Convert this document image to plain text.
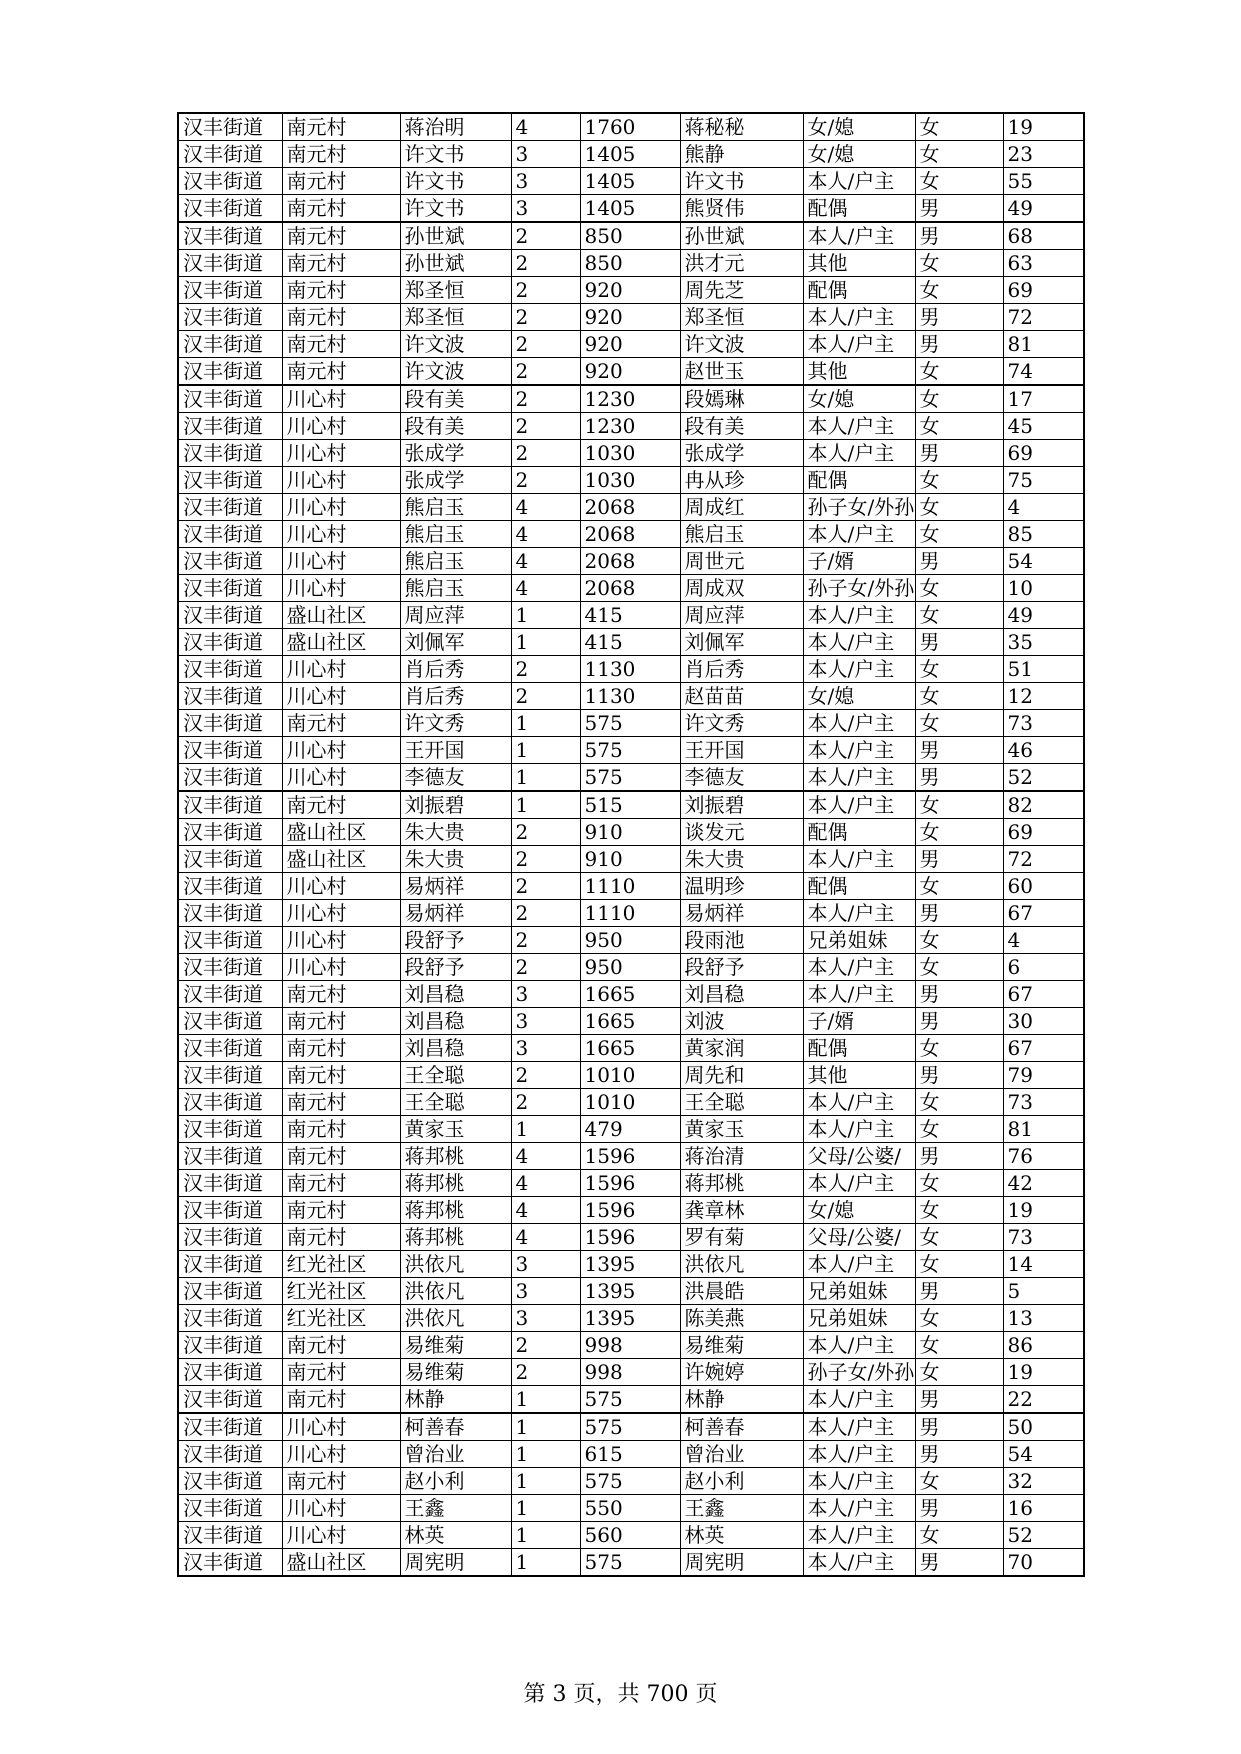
汉丰街道	南元村	蒋治明	4	1760	蒋秘秘	女/媳	女	19
汉丰街道	南元村	许文书	3	1405	熊静	女/媳	女	23
汉丰街道	南元村	许文书	3	1405	许文书	本人/户主	女	55
汉丰街道	南元村	许文书	3	1405	熊贤伟	配偶	男	49
汉丰街道	南元村	孙世斌	2	850	孙世斌	本人/户主	男	68
汉丰街道	南元村	孙世斌	2	850	洪才元	其他	女	63
汉丰街道	南元村	郑圣恒	2	920	周先芝	配偶	女	69
汉丰街道	南元村	郑圣恒	2	920	郑圣恒	本人/户主	男	72
汉丰街道	南元村	许文波	2	920	许文波	本人/户主	男	81
汉丰街道	南元村	许文波	2	920	赵世玉	其他	女	74
汉丰街道	川心村	段有美	2	1230	段嫣琳	女/媳	女	17
汉丰街道	川心村	段有美	2	1230	段有美	本人/户主	女	45
汉丰街道	川心村	张成学	2	1030	张成学	本人/户主	男	69
汉丰街道	川心村	张成学	2	1030	冉从珍	配偶	女	75
汉丰街道	川心村	熊启玉	4	2068	周成红	孙子女/外孙	女	4
汉丰街道	川心村	熊启玉	4	2068	熊启玉	本人/户主	女	85
汉丰街道	川心村	熊启玉	4	2068	周世元	子/婿	男	54
汉丰街道	川心村	熊启玉	4	2068	周成双	孙子女/外孙	女	10
汉丰街道	盛山社区	周应萍	1	415	周应萍	本人/户主	女	49
汉丰街道	盛山社区	刘佩军	1	415	刘佩军	本人/户主	男	35
汉丰街道	川心村	肖后秀	2	1130	肖后秀	本人/户主	女	51
汉丰街道	川心村	肖后秀	2	1130	赵苗苗	女/媳	女	12
汉丰街道	南元村	许文秀	1	575	许文秀	本人/户主	女	73
汉丰街道	川心村	王开国	1	575	王开国	本人/户主	男	46
汉丰街道	川心村	李德友	1	575	李德友	本人/户主	男	52
汉丰街道	南元村	刘振碧	1	515	刘振碧	本人/户主	女	82
汉丰街道	盛山社区	朱大贵	2	910	谈发元	配偶	女	69
汉丰街道	盛山社区	朱大贵	2	910	朱大贵	本人/户主	男	72
汉丰街道	川心村	易炳祥	2	1110	温明珍	配偶	女	60
汉丰街道	川心村	易炳祥	2	1110	易炳祥	本人/户主	男	67
汉丰街道	川心村	段舒予	2	950	段雨池	兄弟姐妹	女	4
汉丰街道	川心村	段舒予	2	950	段舒予	本人/户主	女	6
汉丰街道	南元村	刘昌稳	3	1665	刘昌稳	本人/户主	男	67
汉丰街道	南元村	刘昌稳	3	1665	刘波	子/婿	男	30
汉丰街道	南元村	刘昌稳	3	1665	黄家润	配偶	女	67
汉丰街道	南元村	王全聪	2	1010	周先和	其他	男	79
汉丰街道	南元村	王全聪	2	1010	王全聪	本人/户主	女	73
汉丰街道	南元村	黄家玉	1	479	黄家玉	本人/户主	女	81
汉丰街道	南元村	蒋邦桃	4	1596	蒋治清	父母/公婆/	男	76
汉丰街道	南元村	蒋邦桃	4	1596	蒋邦桃	本人/户主	女	42
汉丰街道	南元村	蒋邦桃	4	1596	龚章林	女/媳	女	19
汉丰街道	南元村	蒋邦桃	4	1596	罗有菊	父母/公婆/	女	73
汉丰街道	红光社区	洪依凡	3	1395	洪依凡	本人/户主	女	14
汉丰街道	红光社区	洪依凡	3	1395	洪晨皓	兄弟姐妹	男	5
汉丰街道	红光社区	洪依凡	3	1395	陈美燕	兄弟姐妹	女	13
汉丰街道	南元村	易维菊	2	998	易维菊	本人/户主	女	86
汉丰街道	南元村	易维菊	2	998	许婉婷	孙子女/外孙	女	19
汉丰街道	南元村	林静	1	575	林静	本人/户主	男	22
汉丰街道	川心村	柯善春	1	575	柯善春	本人/户主	男	50
汉丰街道	川心村	曾治业	1	615	曾治业	本人/户主	男	54
汉丰街道	南元村	赵小利	1	575	赵小利	本人/户主	女	32
汉丰街道	川心村	王鑫	1	550	王鑫	本人/户主	男	16
汉丰街道	川心村	林英	1	560	林英	本人/户主	女	52
汉丰街道	盛山社区	周宪明	1	575	周宪明	本人/户主	男	70
第 3 页，共 700 页
